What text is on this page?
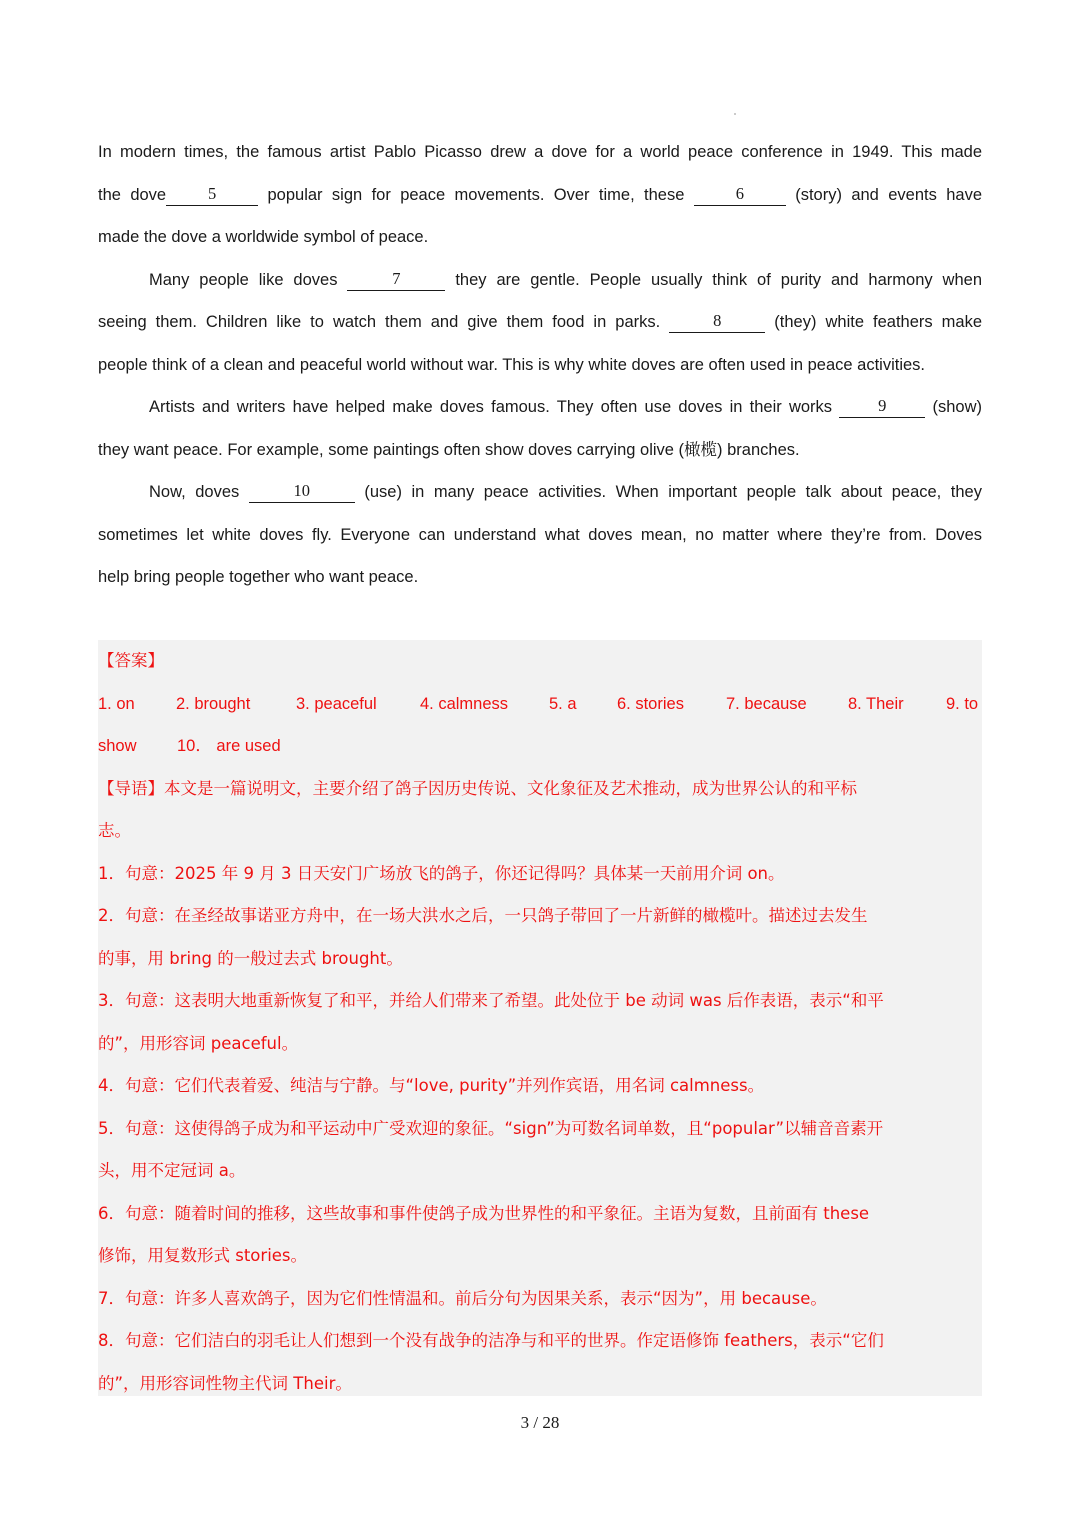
In modern times, the famous artist Pablo Picasso drew a dove for a world peace conference in 1949. This made
the dove	5	popular sign for peace movements. Over time, these	6	(story) and events have
made the dove a worldwide symbol of peace.
Many people like doves	7	they are gentle. People usually think of purity and harmony when
seeing them. Children like to watch them and give them food in parks.	8	(they) white feathers make
people think of a clean and peaceful world without war. This is why white doves are often used in peace activities.
Artists and writers have helped make doves famous. They often use doves in their works	9	(show)
they want peace. For example, some paintings often show doves carrying olive (橄榄) branches.
Now, doves	10	(use) in many peace activities. When important people talk about peace, they
sometimes let white doves fly. Everyone can understand what doves mean, no matter where they’re from. Doves
help bring people together who want peace.
【答案】
1. on	2. brought	3. peaceful	4. calmness 5. a 6. stories	7. because	8. Their	9. to
show 10． are used
【导语】本文是一篇说明文，主要介绍了鸽子因历史传说、文化象征及艺术推动，成为世界公认的和平标
志。
1．句意：2025 年 9 月 3 日天安门广场放飞的鸽子，你还记得吗？具体某一天前用介词 on。
2．句意：在圣经故事诺亚方舟中，在一场大洪水之后，一只鸽子带回了一片新鲜的橄榄叶。描述过去发生
的事，用 bring 的一般过去式 brought。
3．句意：这表明大地重新恢复了和平，并给人们带来了希望。此处位于 be 动词 was 后作表语，表示“和平
的”，用形容词 peaceful。
4．句意：它们代表着爱、纯洁与宁静。与“love, purity”并列作宾语，用名词 calmness。
5．句意：这使得鸽子成为和平运动中广受欢迎的象征。“sign”为可数名词单数，且“popular”以辅音音素开
头，用不定冠词 a。
6．句意：随着时间的推移，这些故事和事件使鸽子成为世界性的和平象征。主语为复数，且前面有 these
修饰，用复数形式 stories。
7．句意：许多人喜欢鸽子，因为它们性情温和。前后分句为因果关系，表示“因为”，用 because。
8．句意：它们洁白的羽毛让人们想到一个没有战争的洁净与和平的世界。作定语修饰 feathers，表示“它们
的”，用形容词性物主代词 Their。
3 / 28
